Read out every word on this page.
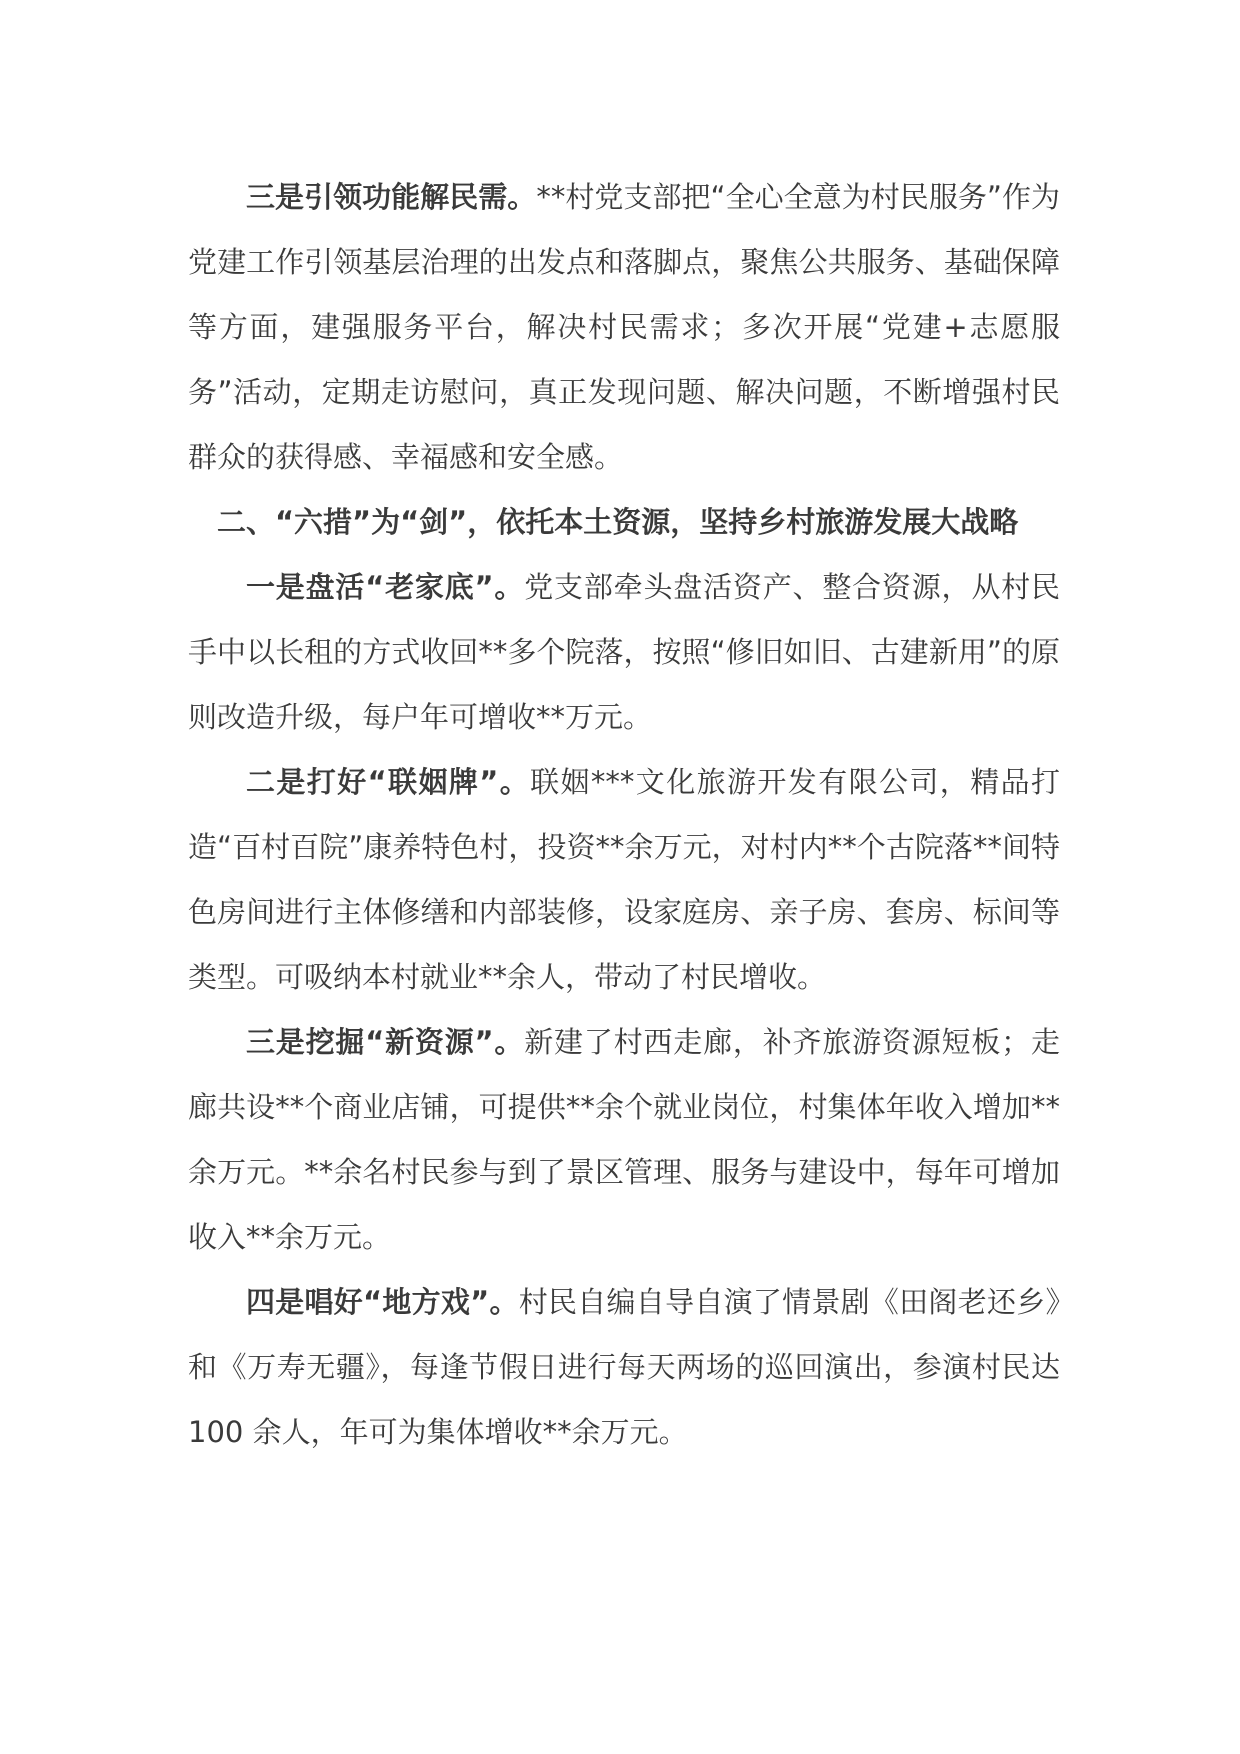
三是引领功能解民需。**村党支部把“全心全意为村民服务”作为党建工作引领基层治理的出发点和落脚点，聚焦公共服务、基础保障等方面，建强服务平台，解决村民需求；多次开展“党建+志愿服务”活动，定期走访慰问，真正发现问题、解决问题，不断增强村民群众的获得感、幸福感和安全感。

二、“六措”为“剑”，依托本土资源，坚持乡村旅游发展大战略

一是盘活“老家底”。党支部牵头盘活资产、整合资源，从村民手中以长租的方式收回**多个院落，按照“修旧如旧、古建新用”的原则改造升级，每户年可增收**万元。

二是打好“联姻牌”。联姻***文化旅游开发有限公司，精品打造“百村百院”康养特色村，投资**余万元，对村内**个古院落**间特色房间进行主体修缮和内部装修，设家庭房、亲子房、套房、标间等类型。可吸纳本村就业**余人，带动了村民增收。

三是挖掘“新资源”。新建了村西走廊，补齐旅游资源短板；走廊共设**个商业店铺，可提供**余个就业岗位，村集体年收入增加**余万元。**余名村民参与到了景区管理、服务与建设中，每年可增加收入**余万元。

四是唱好“地方戏”。村民自编自导自演了情景剧《田阁老还乡》和《万寿无疆》，每逢节假日进行每天两场的巡回演出，参演村民达 100 余人，年可为集体增收**余万元。
